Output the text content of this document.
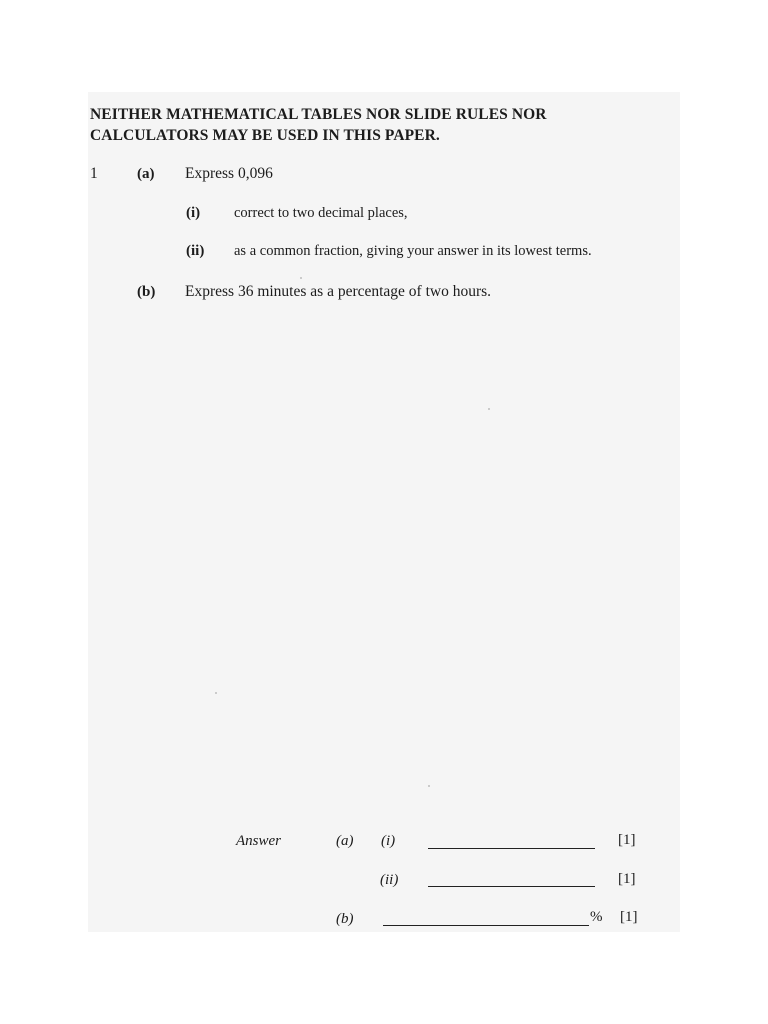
NEITHER MATHEMATICAL TABLES NOR SLIDE RULES NOR
CALCULATORS MAY BE USED IN THIS PAPER.
1	(a) Express 0,096
(i) correct to two decimal places,
(ii) as a common fraction, giving your answer in its lowest terms.
(b) Express 36 minutes as a percentage of two hours.
Answer	(a) (i)	[1]
(ii)	[1]
(b)	% [1]
